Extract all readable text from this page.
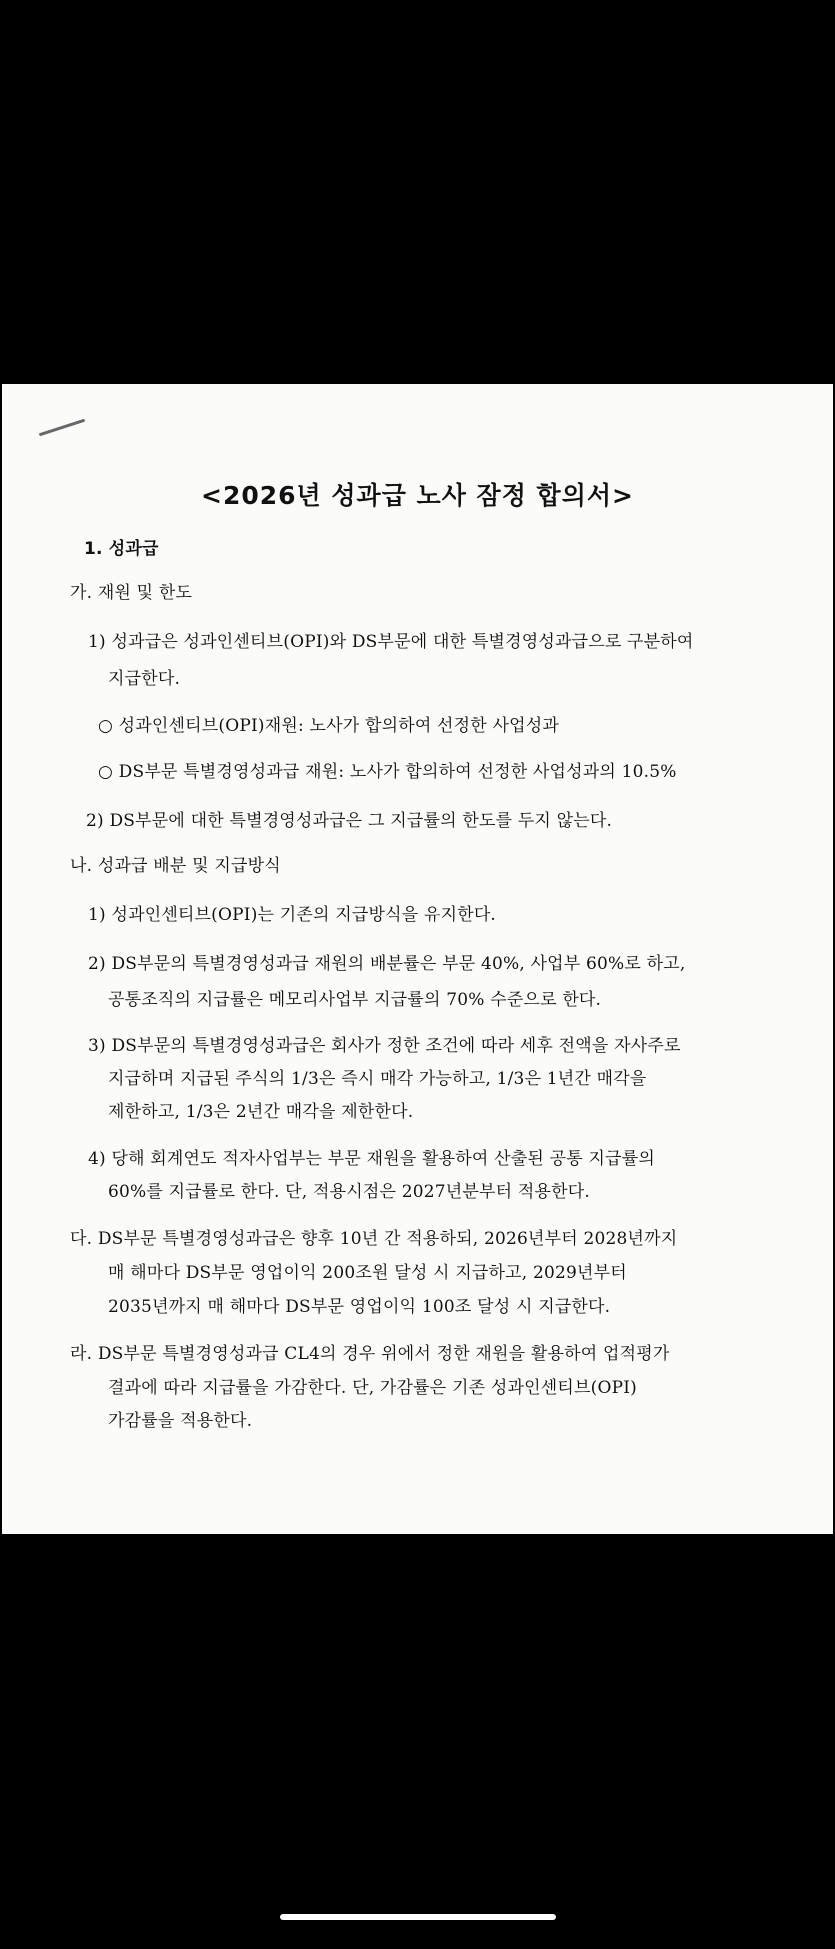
<2026년 성과급 노사 잠정 합의서>
1. 성과급
가. 재원 및 한도
1) 성과급은 성과인센티브(OPI)와 DS부문에 대한 특별경영성과급으로 구분하여
지급한다.
○ 성과인센티브(OPI)재원: 노사가 합의하여 선정한 사업성과
○ DS부문 특별경영성과급 재원: 노사가 합의하여 선정한 사업성과의 10.5%
2) DS부문에 대한 특별경영성과급은 그 지급률의 한도를 두지 않는다.
나. 성과급 배분 및 지급방식
1) 성과인센티브(OPI)는 기존의 지급방식을 유지한다.
2) DS부문의 특별경영성과급 재원의 배분률은 부문 40%, 사업부 60%로 하고,
공통조직의 지급률은 메모리사업부 지급률의 70% 수준으로 한다.
3) DS부문의 특별경영성과급은 회사가 정한 조건에 따라 세후 전액을 자사주로
지급하며 지급된 주식의 1/3은 즉시 매각 가능하고, 1/3은 1년간 매각을
제한하고, 1/3은 2년간 매각을 제한한다.
4) 당해 회계연도 적자사업부는 부문 재원을 활용하여 산출된 공통 지급률의
60%를 지급률로 한다. 단, 적용시점은 2027년분부터 적용한다.
다. DS부문 특별경영성과급은 향후 10년 간 적용하되, 2026년부터 2028년까지
매 해마다 DS부문 영업이익 200조원 달성 시 지급하고, 2029년부터
2035년까지 매 해마다 DS부문 영업이익 100조 달성 시 지급한다.
라. DS부문 특별경영성과급 CL4의 경우 위에서 정한 재원을 활용하여 업적평가
결과에 따라 지급률을 가감한다. 단, 가감률은 기존 성과인센티브(OPI)
가감률을 적용한다.
